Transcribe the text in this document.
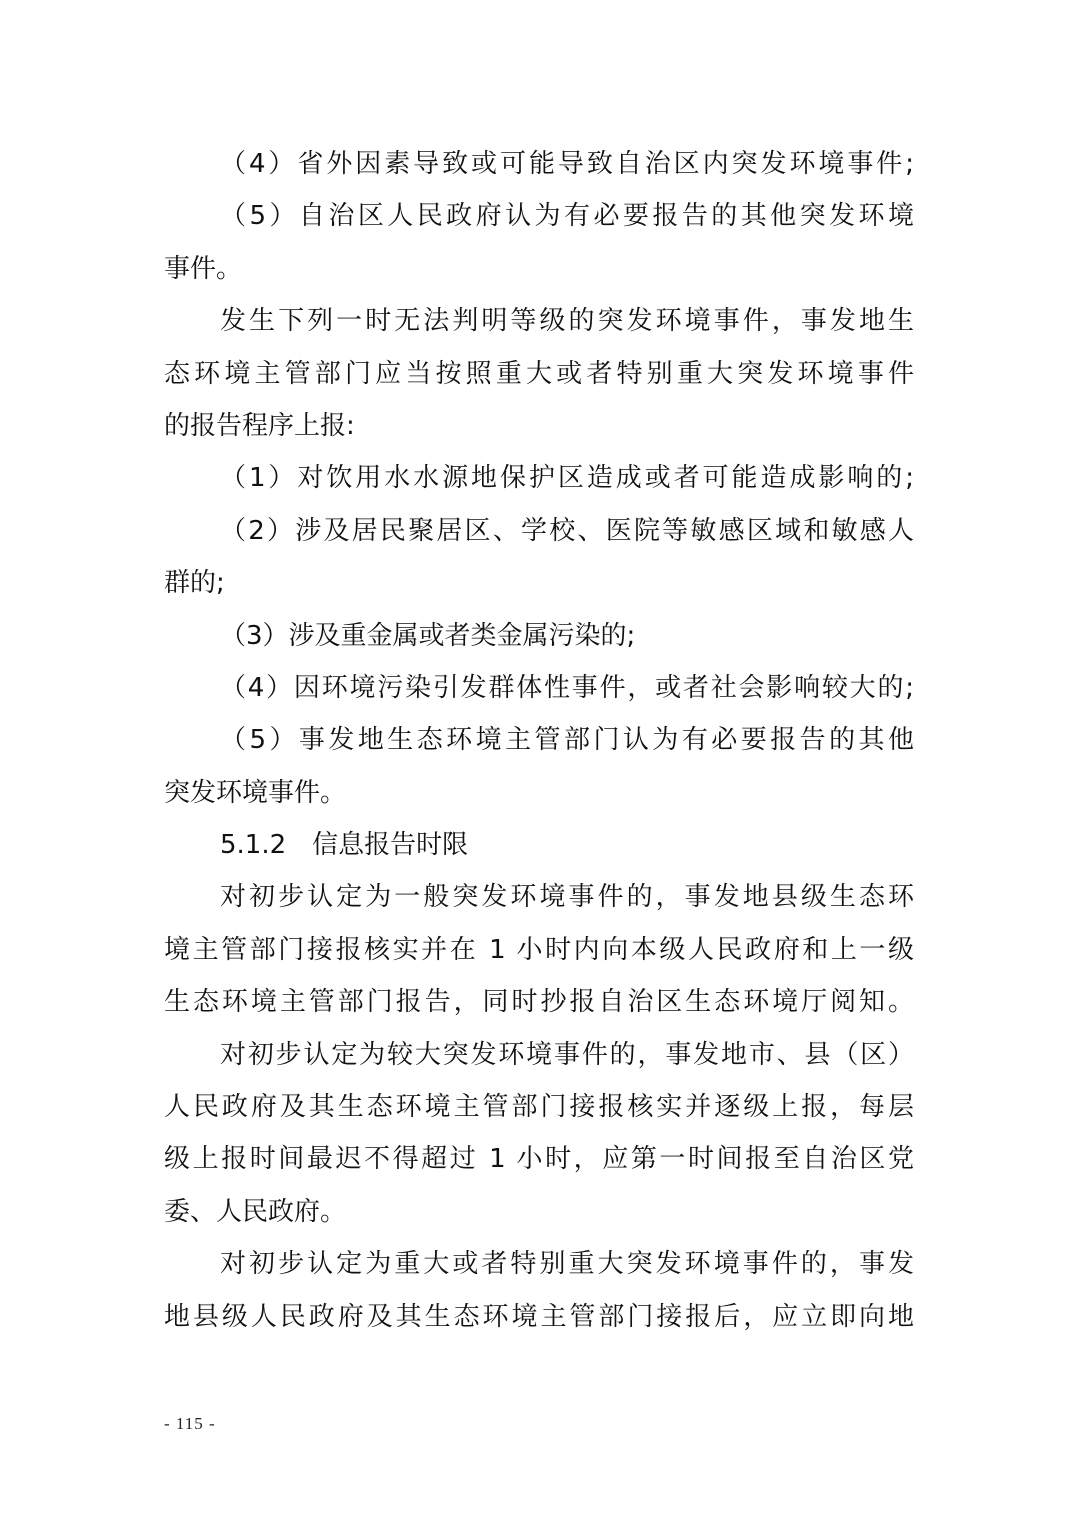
（4）省外因素导致或可能导致自治区内突发环境事件;
（5）自治区人民政府认为有必要报告的其他突发环境
事件。
发生下列一时无法判明等级的突发环境事件，事发地生
态环境主管部门应当按照重大或者特别重大突发环境事件
的报告程序上报:
（1）对饮用水水源地保护区造成或者可能造成影响的;
（2）涉及居民聚居区、学校、医院等敏感区域和敏感人
群的;
（3）涉及重金属或者类金属污染的;
（4）因环境污染引发群体性事件，或者社会影响较大的;
（5）事发地生态环境主管部门认为有必要报告的其他
突发环境事件。
5.1.2　信息报告时限
对初步认定为一般突发环境事件的，事发地县级生态环
境主管部门接报核实并在 1 小时内向本级人民政府和上一级
生态环境主管部门报告，同时抄报自治区生态环境厅阅知。
对初步认定为较大突发环境事件的，事发地市、县（区）
人民政府及其生态环境主管部门接报核实并逐级上报，每层
级上报时间最迟不得超过 1 小时，应第一时间报至自治区党
委、人民政府。
对初步认定为重大或者特别重大突发环境事件的，事发
地县级人民政府及其生态环境主管部门接报后，应立即向地
- 115 -
